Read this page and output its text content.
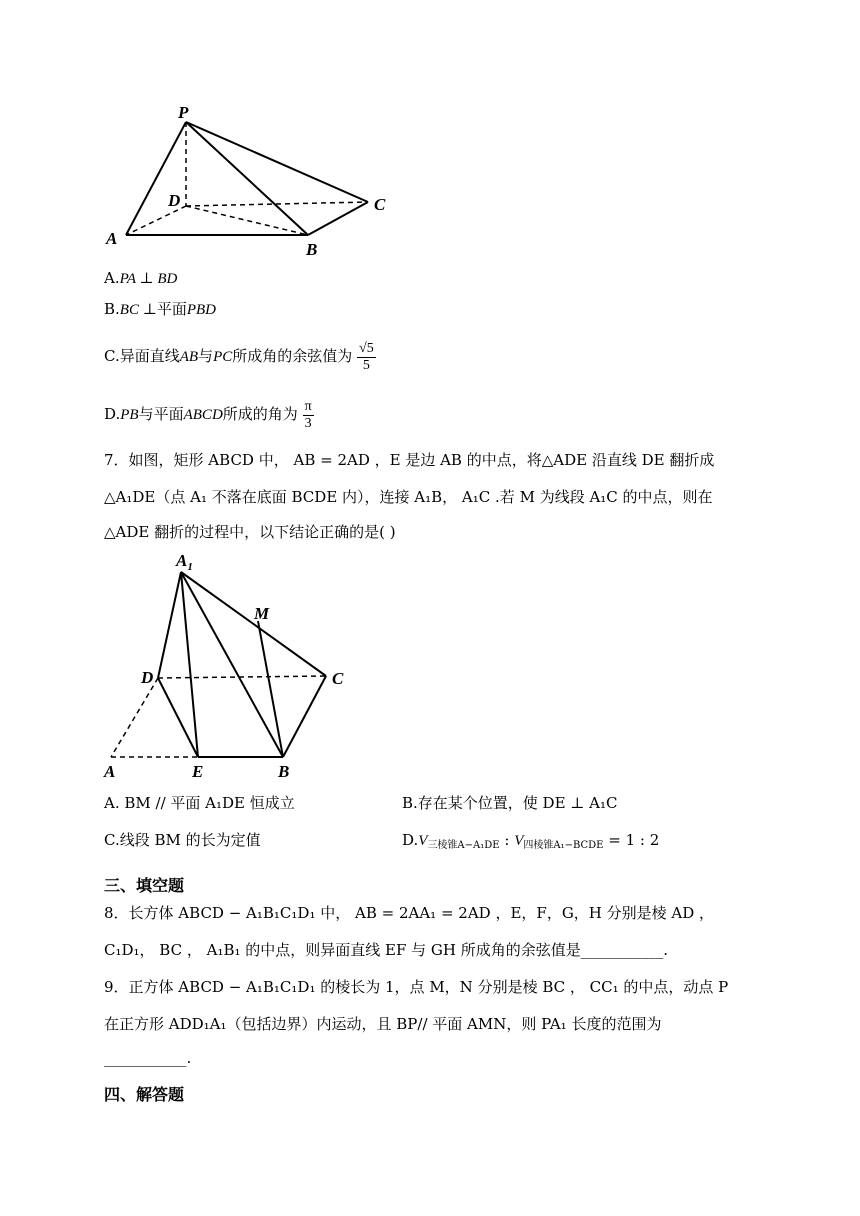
P
D
A
B
C
A.PA ⊥ BD
B.BC ⊥平面PBD
C.异面直线AB与PC所成角的余弦值为 $\frac{√5}{5}$
D.PB与平面ABCD所成的角为 $\frac{\pi}{3}$
7．如图，矩形 ABCD 中， AB = 2AD ，E 是边 AB 的中点，将△ADE 沿直线 DE 翻折成
△A₁DE（点 A₁ 不落在底面 BCDE 内），连接 A₁B， A₁C .若 M 为线段 A₁C 的中点，则在
△ADE 翻折的过程中，以下结论正确的是( )
$A_1$
M
D	C
A	E	B
A. BM // 平面 A₁DE 恒成立	B.存在某个位置，使 DE ⊥ A₁C
C.线段 BM 的长为定值	$D.V_{三棱锥A-A_1DE}$ : $V_{四棱锥A_1-BCDE} = 1$ : 2
三、填空题
8．长方体 ABCD − A₁B₁C₁D₁ 中， AB = 2AA₁ = 2AD ，E，F，G，H 分别是棱 AD ，
C₁D₁， BC ， A₁B₁ 的中点，则异面直线 EF 与 GH 所成角的余弦值是___________.
9．正方体 ABCD − A₁B₁C₁D₁ 的棱长为 1，点 M，N 分别是棱 BC ， CC₁ 的中点，动点 P
在正方形 ADD₁A₁（包括边界）内运动，且 BP// 平面 AMN，则 PA₁ 长度的范围为
___________.
四、解答题
